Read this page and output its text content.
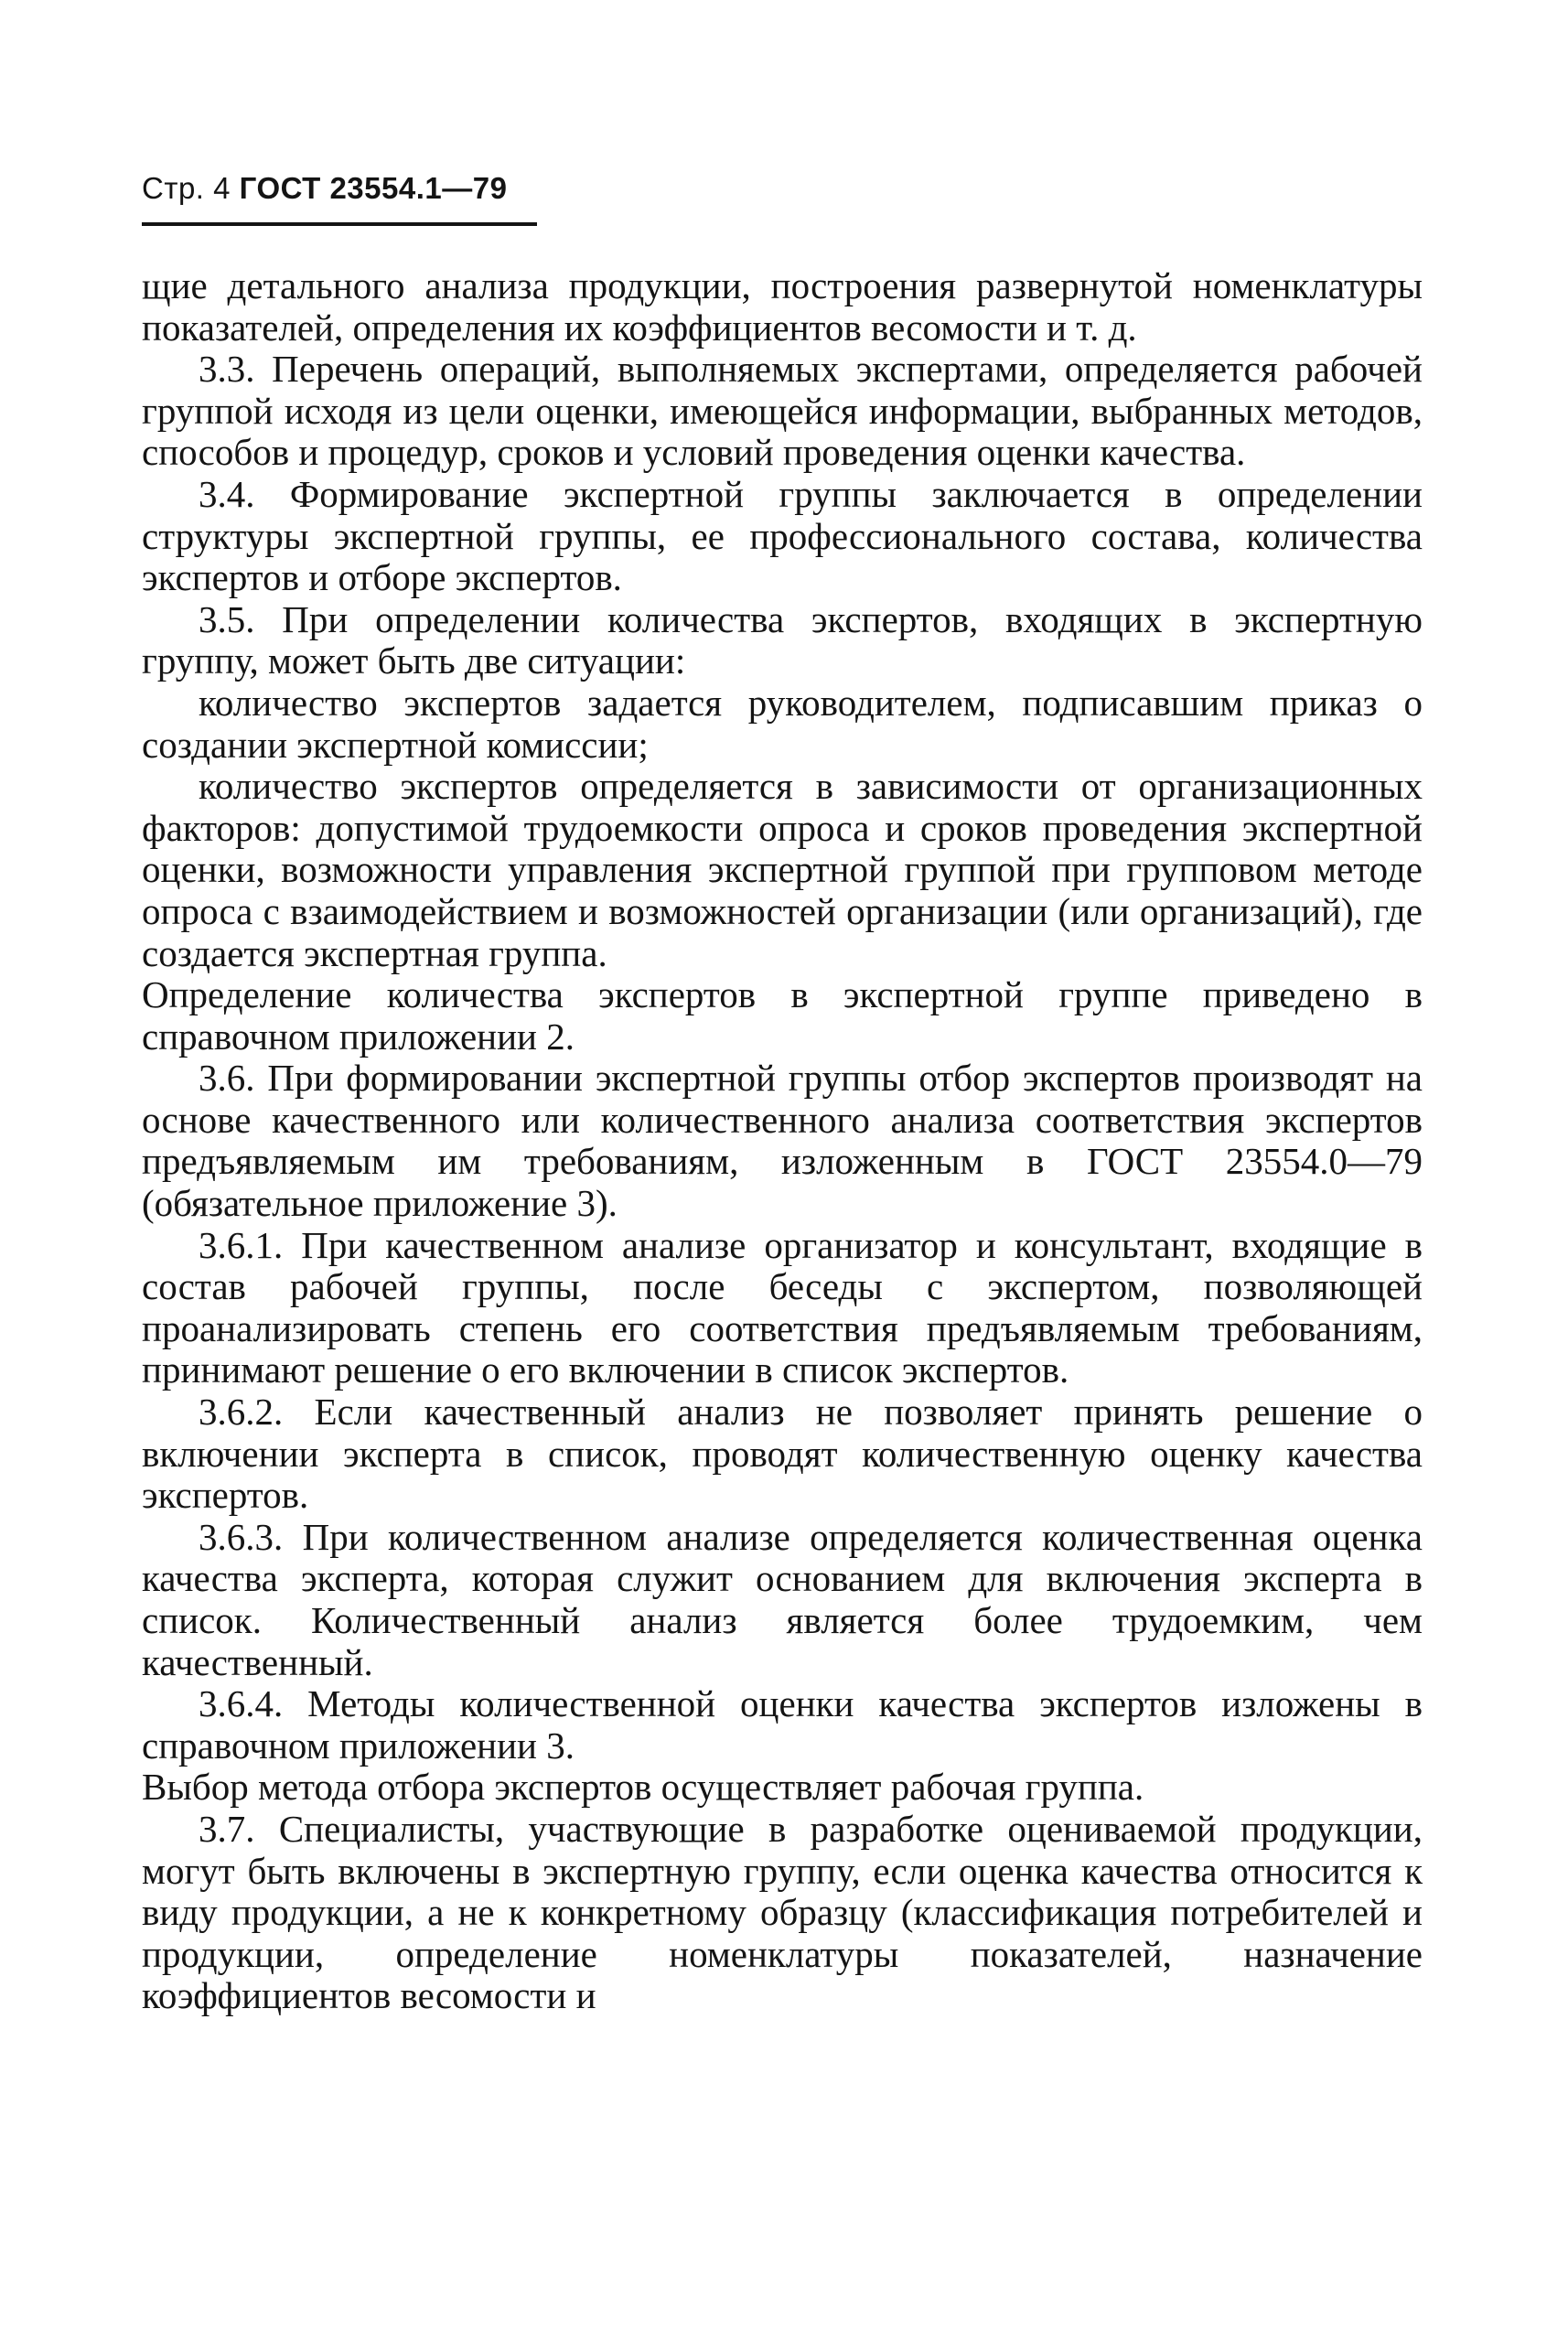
Стр. 4 ГОСТ 23554.1—79

щие детального анализа продукции, построения развернутой номенклатуры показателей, определения их коэффициентов весомости и т. д.

3.3. Перечень операций, выполняемых экспертами, определяется рабочей группой исходя из цели оценки, имеющейся информации, выбранных методов, способов и процедур, сроков и условий проведения оценки качества.

3.4. Формирование экспертной группы заключается в определении структуры экспертной группы, ее профессионального состава, количества экспертов и отборе экспертов.

3.5. При определении количества экспертов, входящих в экспертную группу, может быть две ситуации:

количество экспертов задается руководителем, подписавшим приказ о создании экспертной комиссии;

количество экспертов определяется в зависимости от организационных факторов: допустимой трудоемкости опроса и сроков проведения экспертной оценки, возможности управления экспертной группой при групповом методе опроса с взаимодействием и возможностей организации (или организаций), где создается экспертная группа.

Определение количества экспертов в экспертной группе приведено в справочном приложении 2.

3.6. При формировании экспертной группы отбор экспертов производят на основе качественного или количественного анализа соответствия экспертов предъявляемым им требованиям, изложенным в ГОСТ 23554.0—79 (обязательное приложение 3).

3.6.1. При качественном анализе организатор и консультант, входящие в состав рабочей группы, после беседы с экспертом, позволяющей проанализировать степень его соответствия предъявляемым требованиям, принимают решение о его включении в список экспертов.

3.6.2. Если качественный анализ не позволяет принять решение о включении эксперта в список, проводят количественную оценку качества экспертов.

3.6.3. При количественном анализе определяется количественная оценка качества эксперта, которая служит основанием для включения эксперта в список. Количественный анализ является более трудоемким, чем качественный.

3.6.4. Методы количественной оценки качества экспертов изложены в справочном приложении 3.

Выбор метода отбора экспертов осуществляет рабочая группа.

3.7. Специалисты, участвующие в разработке оцениваемой продукции, могут быть включены в экспертную группу, если оценка качества относится к виду продукции, а не к конкретному образцу (классификация потребителей и продукции, определение номенклатуры показателей, назначение коэффициентов весомости и
